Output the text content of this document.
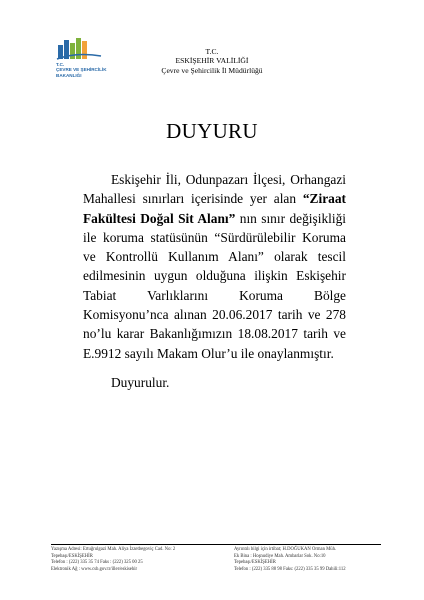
T.C.
ÇEVRE VE ŞEHİRCİLİK
BAKANLIĞI
T.C.
ESKİŞEHİR VALİLİĞİ
Çevre ve Şehircilik İl Müdürlüğü
DUYURU
Eskişehir İli, Odunpazarı İlçesi, Orhangazi Mahallesi sınırları içerisinde yer alan “Ziraat Fakültesi Doğal Sit Alanı” nın sınır değişikliği ile koruma statüsünün “Sürdürülebilir Koruma ve Kontrollü Kullanım Alanı” olarak tescil edilmesinin uygun olduğuna ilişkin Eskişehir Tabiat Varlıklarını Koruma Bölge Komisyonu’nca alınan 20.06.2017 tarih ve 278 no’lu karar Bakanlığımızın 18.08.2017 tarih ve E.9912 sayılı Makam Olur’u ile onaylanmıştır.
Duyurulur.
Yazışma Adresi: Ertuğrulgazi Mah. Aliya İzzetbegoviç Cad. No: 2
Tepebaşı/ESKİŞEHİR
Telefon : (222) 335 35 74 Faks : (222) 325 00 25
Elektronik Ağ : www.csb.gov.tr/iller/eskisehir
Ayrıntılı bilgi için irtibat; H.DOĞUKAN Orman Müh.
Ek Bina : Hoşnudiye Mah. Ambarlar Sok. No:10
Tepebaşı/ESKİŞEHİR
Telefon : (222) 335 88 98 Faks: (222) 335 35 99 Dahili:112
